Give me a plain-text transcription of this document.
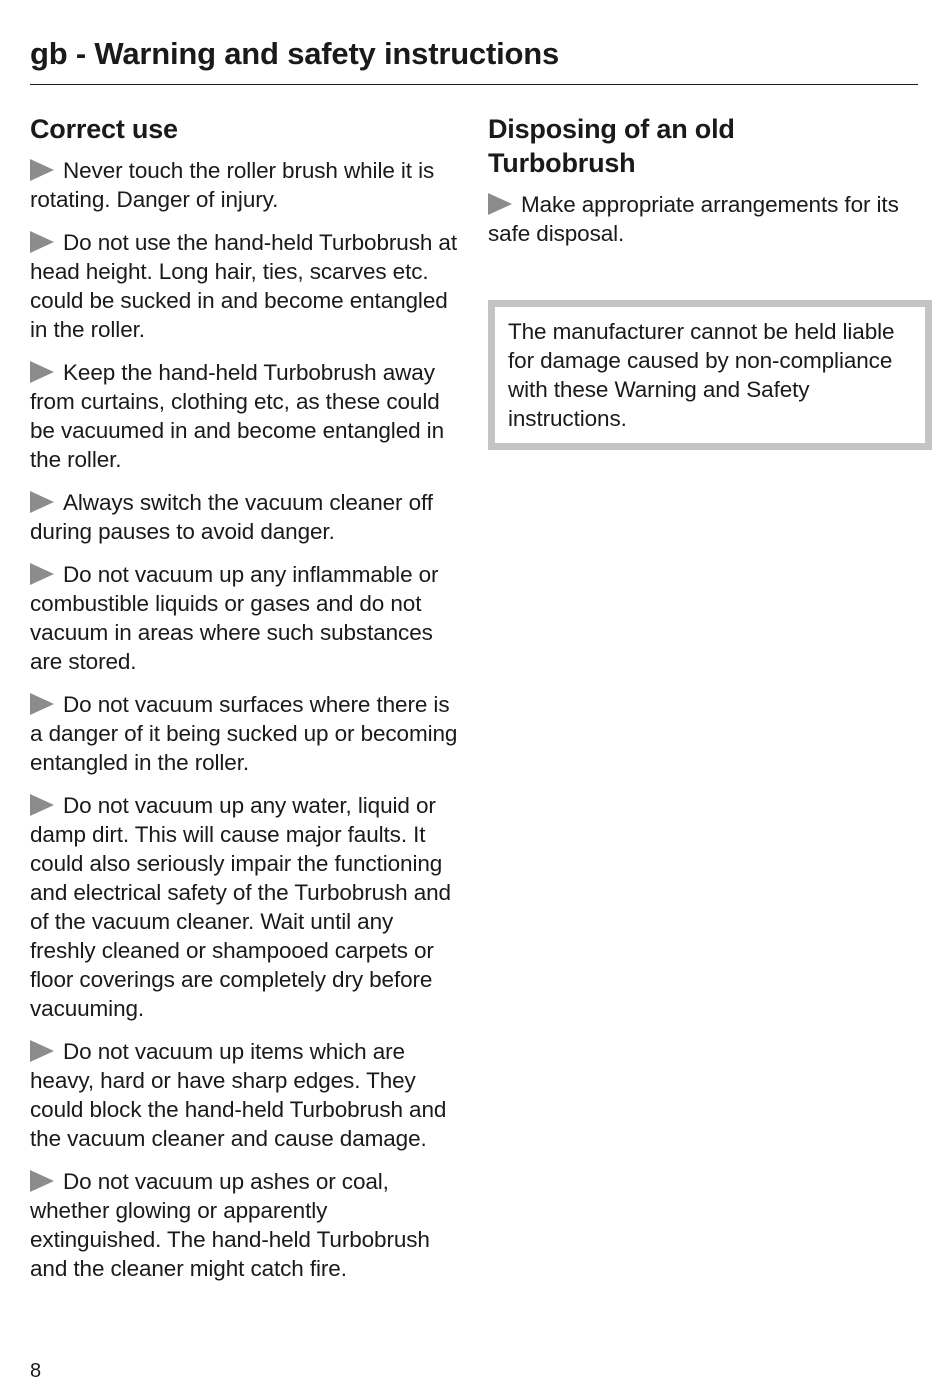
gb - Warning and safety instructions
Correct use

Never touch the roller brush while it is rotating. Danger of injury.

Do not use the hand-held Turbobrush at head height. Long hair, ties, scarves etc. could be sucked in and become entangled in the roller.

Keep the hand-held Turbobrush away from curtains, clothing etc, as these could be vacuumed in and become entangled in the roller.

Always switch the vacuum cleaner off during pauses to avoid danger.

Do not vacuum up any inflammable or combustible liquids or gases and do not vacuum in areas where such substances are stored.

Do not vacuum surfaces where there is a danger of it being sucked up or becoming entangled in the roller.

Do not vacuum up any water, liquid or damp dirt. This will cause major faults. It could also seriously impair the functioning and electrical safety of the Turbobrush and of the vacuum cleaner. Wait until any freshly cleaned or shampooed carpets or floor coverings are completely dry before vacuuming.

Do not vacuum up items which are heavy, hard or have sharp edges. They could block the hand-held Turbobrush and the vacuum cleaner and cause damage.

Do not vacuum up ashes or coal, whether glowing or apparently extinguished. The hand-held Turbobrush and the cleaner might catch fire.

Disposing of an old
Turbobrush

Make appropriate arrangements for its safe disposal.

The manufacturer cannot be held liable for damage caused by non-compliance with these Warning and Safety instructions.

8
